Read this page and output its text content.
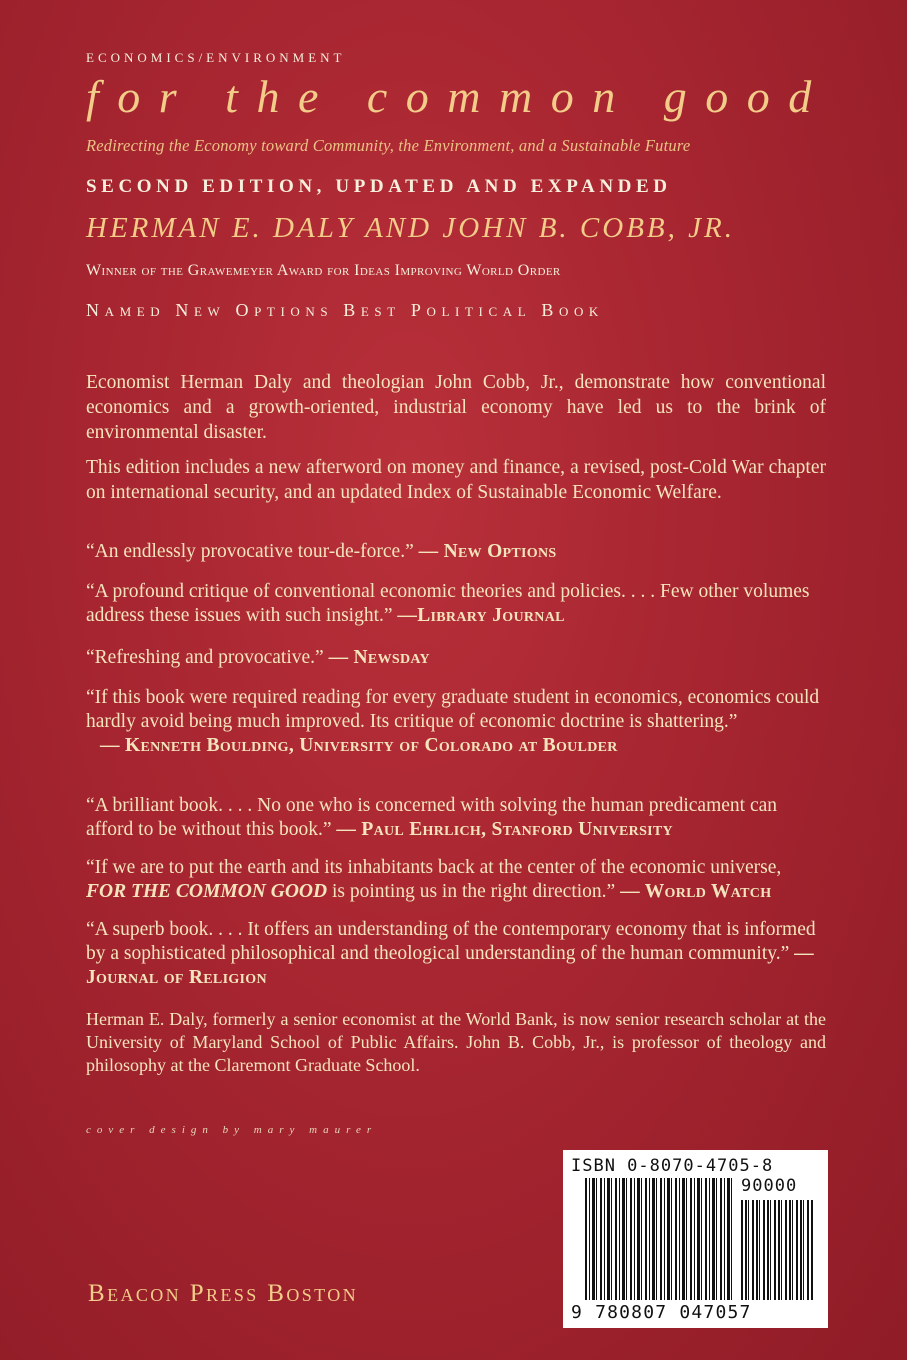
ECONOMICS/ENVIRONMENT
for the common good
Redirecting the Economy toward Community, the Environment, and a Sustainable Future
SECOND EDITION, UPDATED AND EXPANDED
HERMAN E. DALY AND JOHN B. COBB, JR.
Winner of the Grawemeyer Award for Ideas Improving World Order
Named New Options Best Political Book
Economist Herman Daly and theologian John Cobb, Jr., demonstrate how conventional economics and a growth-oriented, industrial economy have led us to the brink of environmental disaster.
This edition includes a new afterword on money and finance, a revised, post-Cold War chapter on international security, and an updated Index of Sustainable Economic Welfare.
“An endlessly provocative tour-de-force.” — New Options
“A profound critique of conventional economic theories and policies. . . . Few other volumes address these issues with such insight.” —Library Journal
“Refreshing and provocative.” — Newsday
“If this book were required reading for every graduate student in economics, economics could hardly avoid being much improved. Its critique of economic doctrine is shattering.”
— Kenneth Boulding, University of Colorado at Boulder
“A brilliant book. . . . No one who is concerned with solving the human predicament can afford to be without this book.” — Paul Ehrlich, Stanford University
“If we are to put the earth and its inhabitants back at the center of the economic universe, FOR THE COMMON GOOD is pointing us in the right direction.” — World Watch
“A superb book. . . . It offers an understanding of the contemporary economy that is informed by a sophisticated philosophical and theological understanding of the human community.” — Journal of Religion
Herman E. Daly, formerly a senior economist at the World Bank, is now senior research scholar at the University of Maryland School of Public Affairs. John B. Cobb, Jr., is professor of theology and philosophy at the Claremont Graduate School.
cover design by mary maurer
Beacon Press Boston
ISBN 0-8070-4705-8
90000
9 780807 047057
